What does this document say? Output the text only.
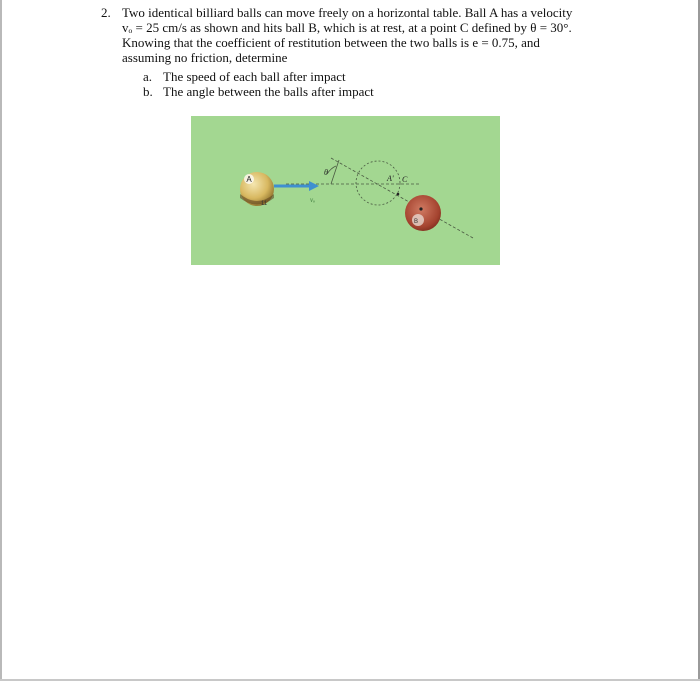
2. Two identical billiard balls can move freely on a horizontal table. Ball A has a velocity
vₒ = 25 cm/s as shown and hits ball B, which is at rest, at a point C defined by θ = 30°.
Knowing that the coefficient of restitution between the two balls is e = 0.75, and
assuming no friction, determine
a. The speed of each ball after impact
b. The angle between the balls after impact
A
11
θ
vₒ
A' C
B
